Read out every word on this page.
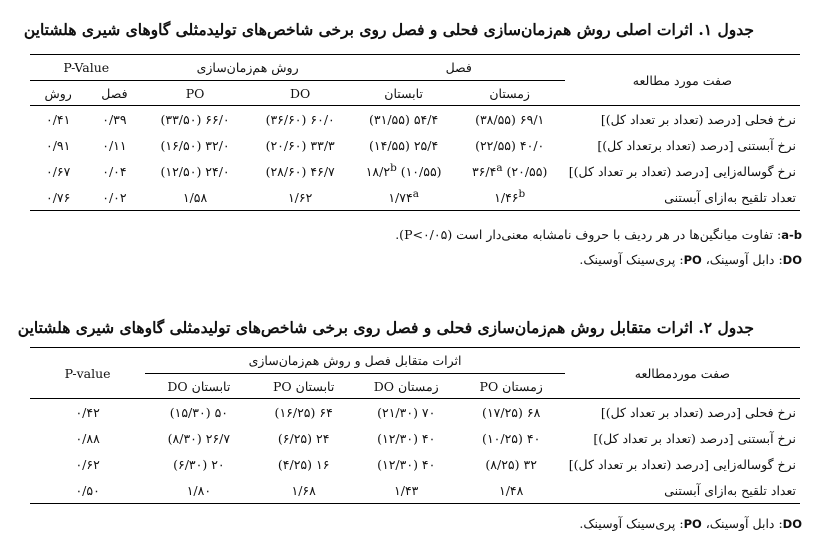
جدول ۱. اثرات اصلی روش هم‌زمان‌سازی فحلی و فصل روی برخی شاخص‌های تولیدمثلی گاوهای شیری هلشتاین
صفت مورد مطالعه	فصل		روش هم‌زمان‌سازی		P-Value	
	زمستان	تابستان	DO	PO	فصل	روش
نرخ فحلی [درصد (تعداد بر تعداد کل)]	۶۹/۱ (۳۸/۵۵)	۵۴/۴ (۳۱/۵۵)	۶۰/۰ (۳۶/۶۰)	۶۶/۰ (۳۳/۵۰)	۰/۳۹	۰/۴۱
نرخ آبستنی [درصد (تعداد برتعداد کل)]	۴۰/۰ (۲۲/۵۵)	۲۵/۴ (۱۴/۵۵)	۳۳/۳ (۲۰/۶۰)	۳۲/۰ (۱۶/۵۰)	۰/۱۱	۰/۹۱
نرخ گوساله‌زایی [درصد (تعداد بر تعداد کل)]	۳۶/۴$^a$ (۲۰/۵۵)	۱۸/۲$^b$ (۱۰/۵۵)	۴۶/۷ (۲۸/۶۰)	۲۴/۰ (۱۲/۵۰)	۰/۰۴	۰/۶۷
تعداد تلقیح به‌ازای آبستنی	۱/۴۶$^b$	۱/۷۴$^a$	۱/۶۲	۱/۵۸	۰/۰۲	۰/۷۶
a-b: تفاوت میانگین‌ها در هر ردیف با حروف نامشابه معنی‌دار است (P<۰/۰۵).
DO: دابل آوسینک، PO: پری‌سینک آوسینک.
جدول ۲. اثرات متقابل روش هم‌زمان‌سازی فحلی و فصل روی برخی شاخص‌های تولیدمثلی گاوهای شیری هلشتاین
صفت موردمطالعه	اثرات متقابل فصل و روش هم‌زمان‌سازی				P-value
	زمستان PO	زمستان DO	تابستان PO	تابستان DO	
نرخ فحلی [درصد (تعداد بر تعداد کل)]	۶۸ (۱۷/۲۵)	۷۰ (۲۱/۳۰)	۶۴ (۱۶/۲۵)	۵۰ (۱۵/۳۰)	۰/۴۲
نرخ آبستنی [درصد (تعداد بر تعداد کل)]	۴۰ (۱۰/۲۵)	۴۰ (۱۲/۳۰)	۲۴ (۶/۲۵)	۲۶/۷ (۸/۳۰)	۰/۸۸
نرخ گوساله‌زایی [درصد (تعداد بر تعداد کل)]	۳۲ (۸/۲۵)	۴۰ (۱۲/۳۰)	۱۶ (۴/۲۵)	۲۰ (۶/۳۰)	۰/۶۲
تعداد تلقیح به‌ازای آبستنی	۱/۴۸	۱/۴۳	۱/۶۸	۱/۸۰	۰/۵۰
DO: دابل آوسینک، PO: پری‌سینک آوسینک.
